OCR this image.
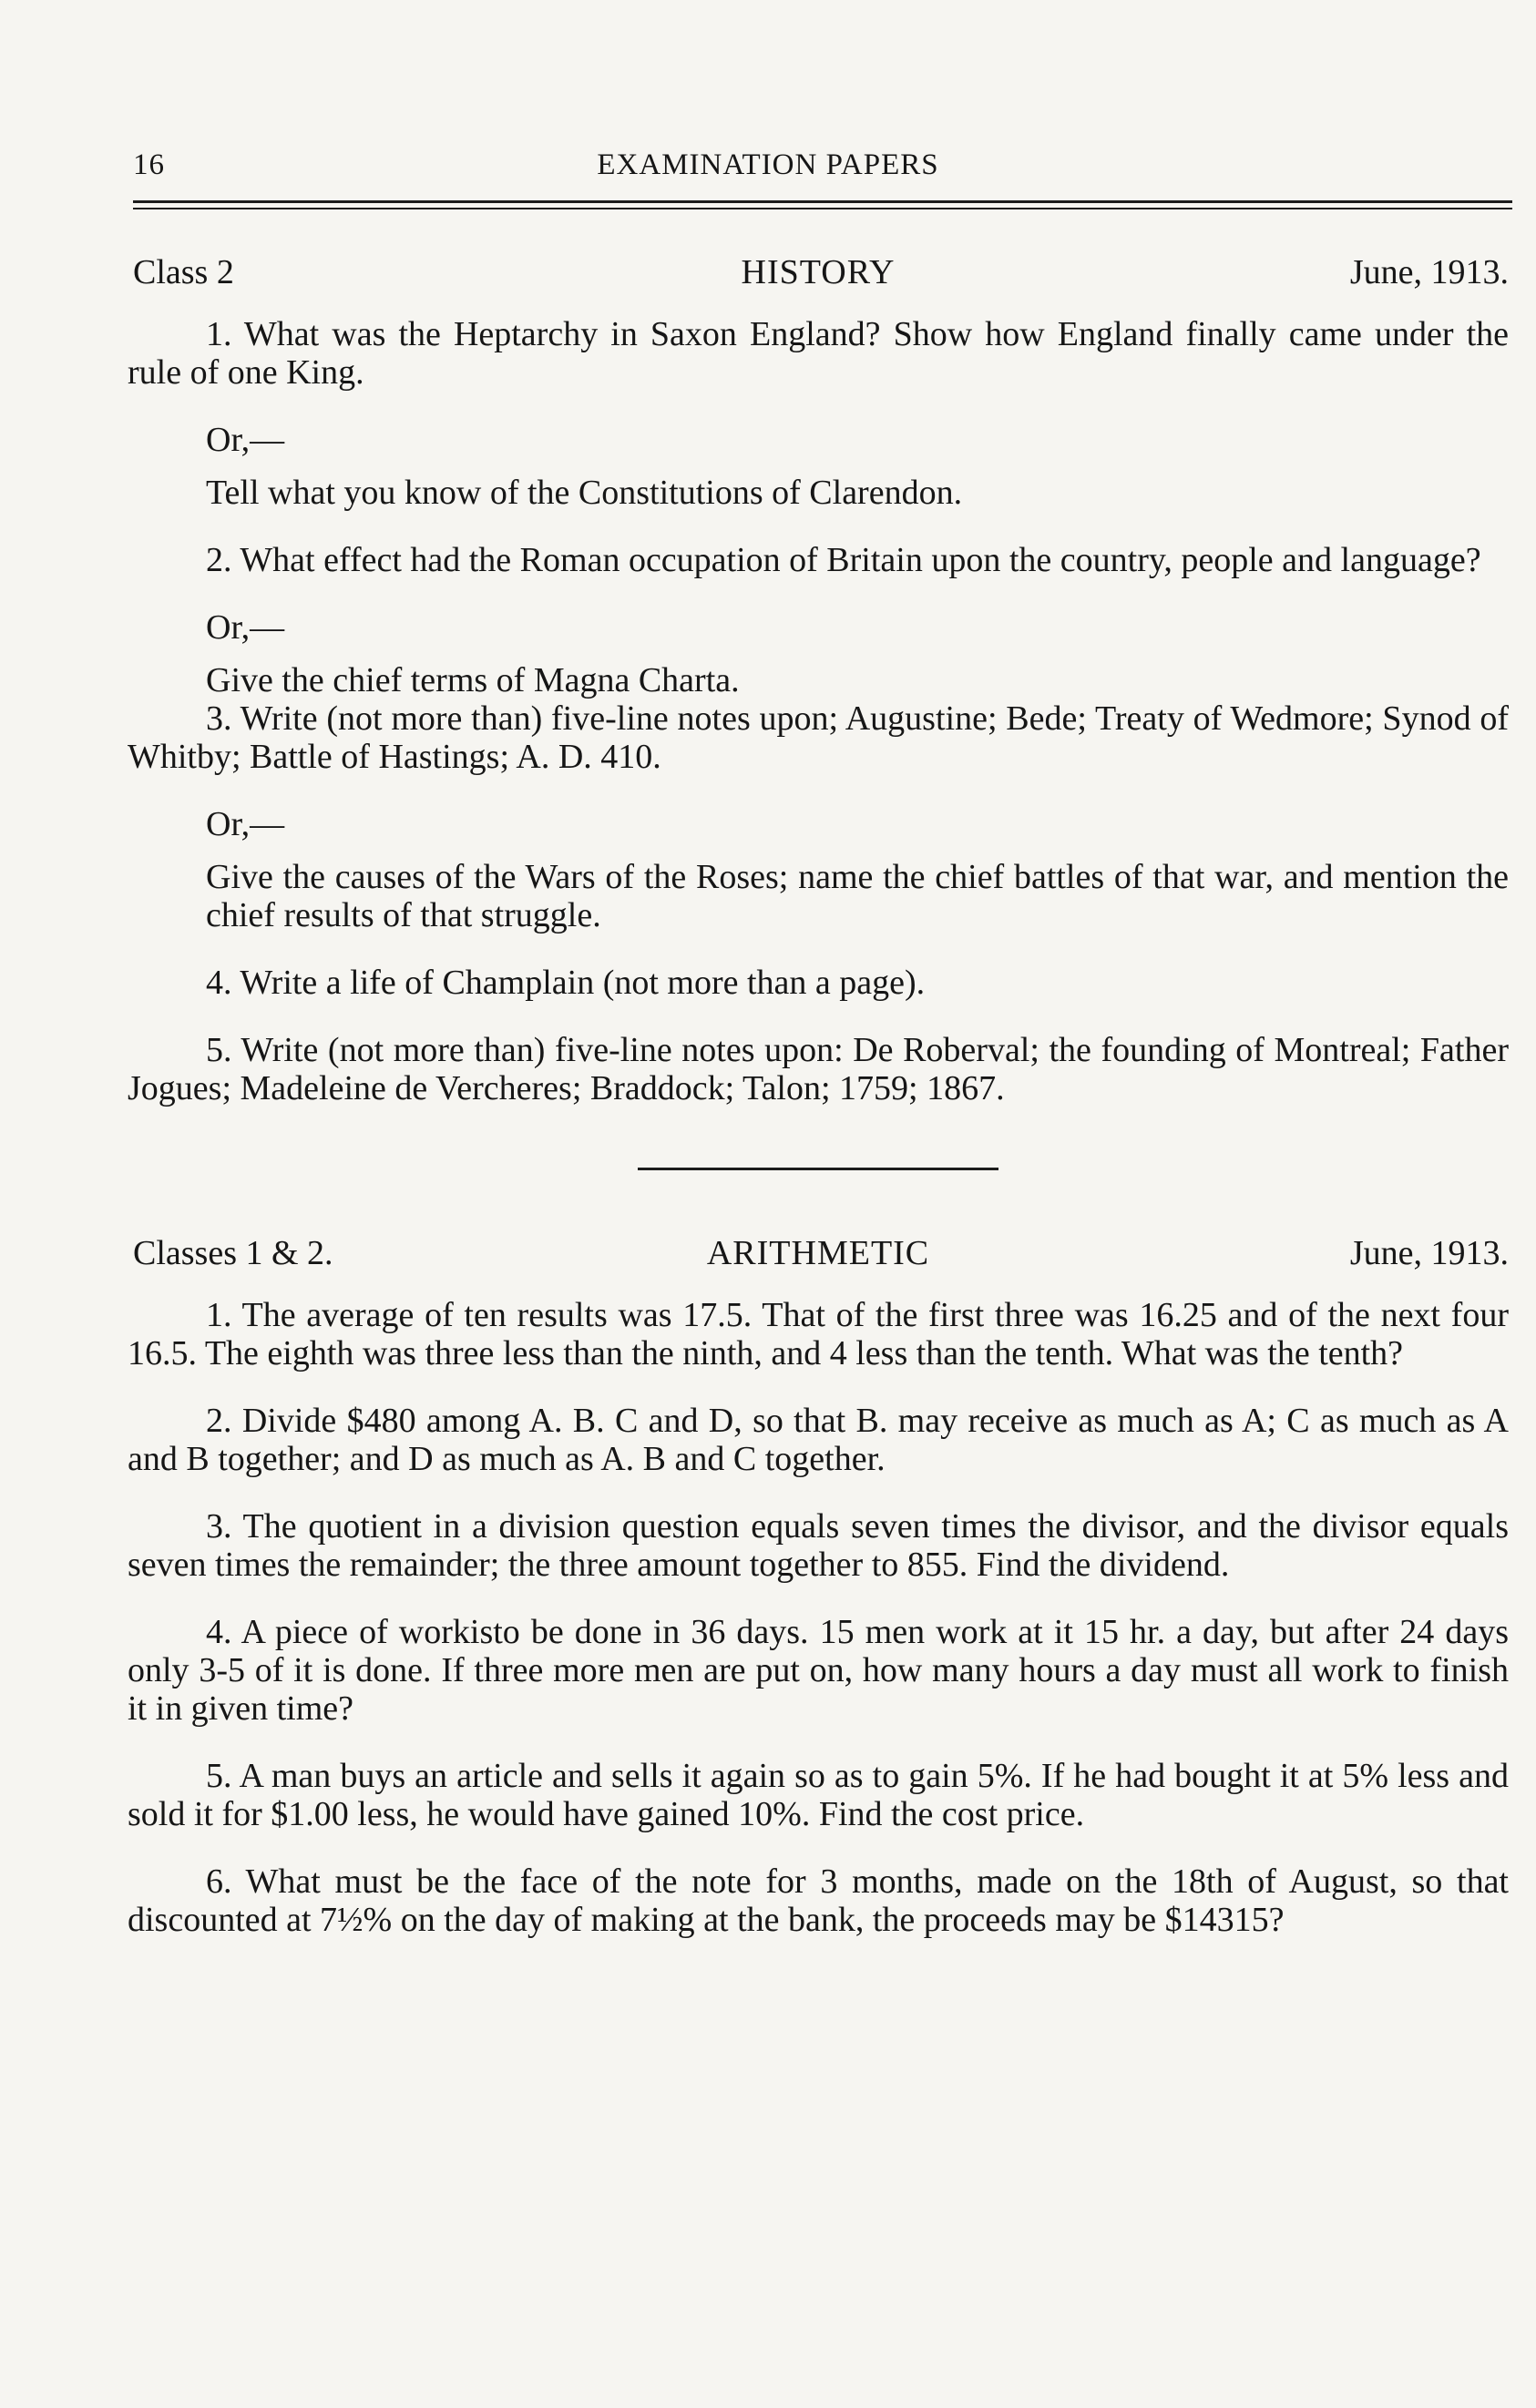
16	EXAMINATION PAPERS
Class 2	HISTORY	June, 1913.

1. What was the Heptarchy in Saxon England? Show how England finally came under the rule of one King.

Or,—

Tell what you know of the Constitutions of Clarendon.

2. What effect had the Roman occupation of Britain upon the country, people and language?

Or,—

Give the chief terms of Magna Charta.

3. Write (not more than) five-line notes upon; Augustine; Bede; Treaty of Wedmore; Synod of Whitby; Battle of Hastings; A. D. 410.

Or,—

Give the causes of the Wars of the Roses; name the chief battles of that war, and mention the chief results of that struggle.

4. Write a life of Champlain (not more than a page).

5. Write (not more than) five-line notes upon: De Roberval; the founding of Montreal; Father Jogues; Madeleine de Vercheres; Braddock; Talon; 1759; 1867.

Classes 1 & 2.	ARITHMETIC	June, 1913.

1. The average of ten results was 17.5. That of the first three was 16.25 and of the next four 16.5. The eighth was three less than the ninth, and 4 less than the tenth. What was the tenth?

2. Divide $480 among A. B. C and D, so that B. may receive as much as A; C as much as A and B together; and D as much as A. B and C together.

3. The quotient in a division question equals seven times the divisor, and the divisor equals seven times the remainder; the three amount together to 855. Find the dividend.

4. A piece of workisto be done in 36 days. 15 men work at it 15 hr. a day, but after 24 days only 3-5 of it is done. If three more men are put on, how many hours a day must all work to finish it in given time?

5. A man buys an article and sells it again so as to gain 5%. If he had bought it at 5% less and sold it for $1.00 less, he would have gained 10%. Find the cost price.

6. What must be the face of the note for 3 months, made on the 18th of August, so that discounted at 7½% on the day of making at the bank, the proceeds may be $14315?
